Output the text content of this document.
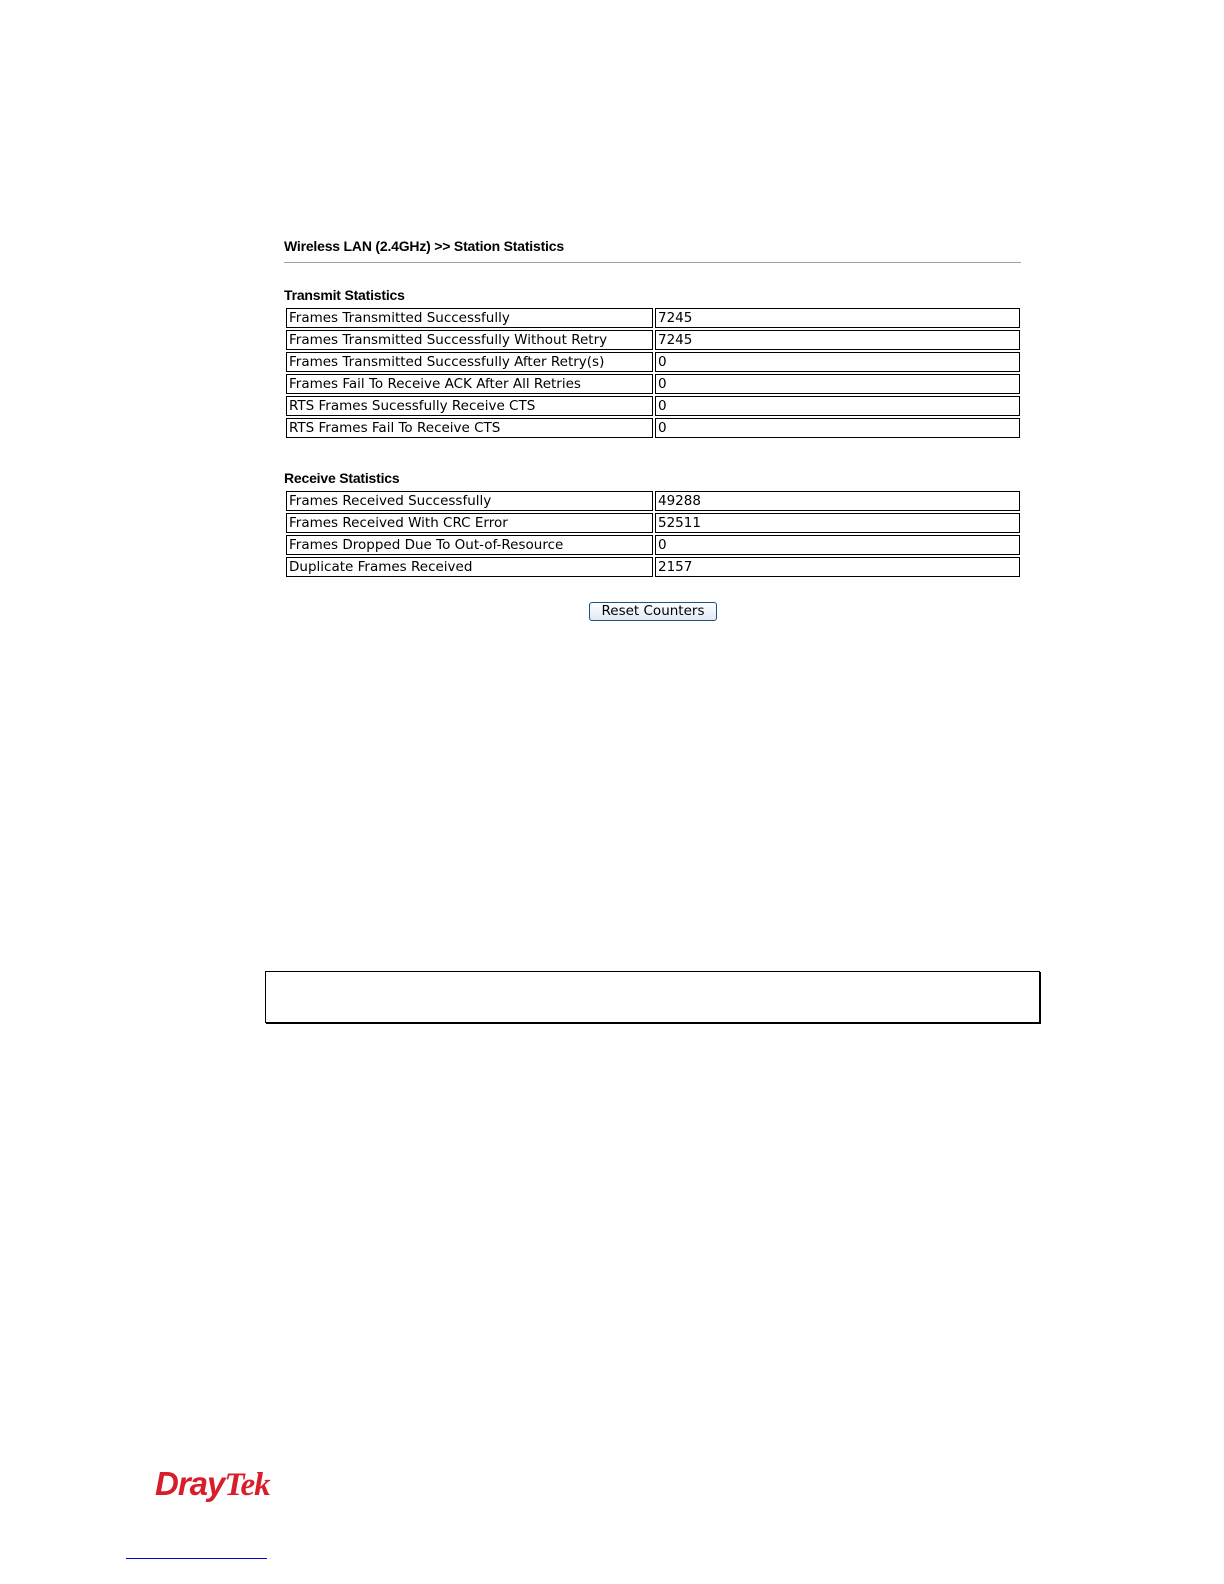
Wireless LAN (2.4GHz) >> Station Statistics
Transmit Statistics
Frames Transmitted Successfully	7245
Frames Transmitted Successfully Without Retry	7245
Frames Transmitted Successfully After Retry(s)	0
Frames Fail To Receive ACK After All Retries	0
RTS Frames Sucessfully Receive CTS	0
RTS Frames Fail To Receive CTS	0
Receive Statistics
Frames Received Successfully	49288
Frames Received With CRC Error	52511
Frames Dropped Due To Out-of-Resource	0
Duplicate Frames Received	2157
Reset Counters
DrayTek
